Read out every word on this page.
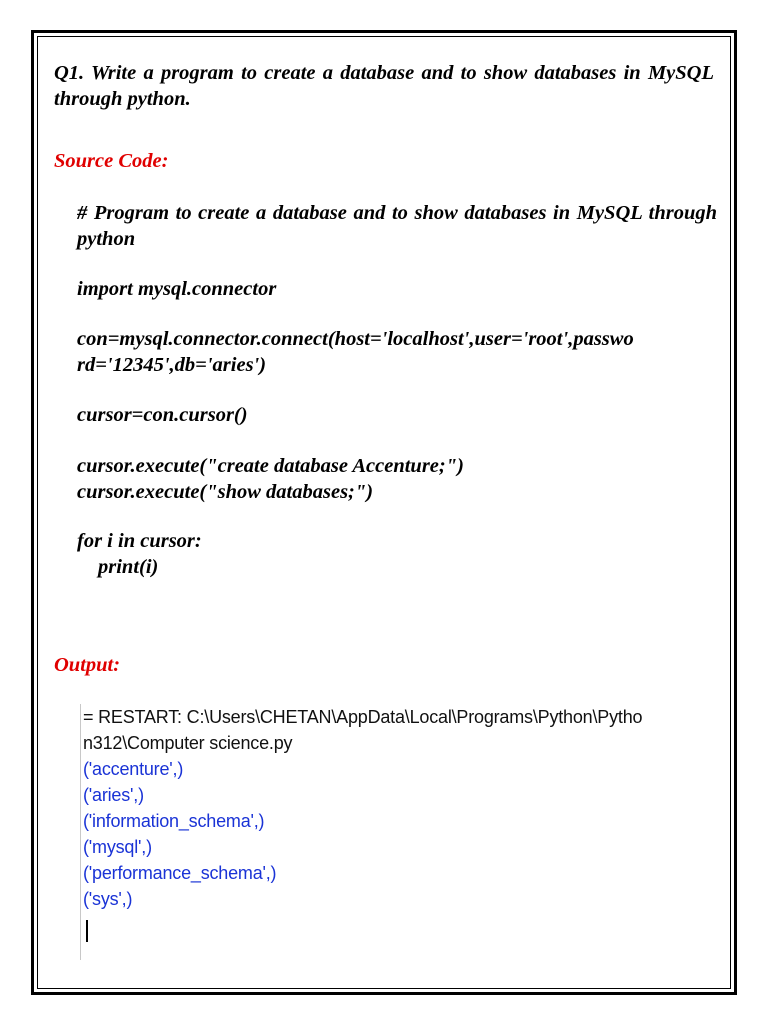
Q1. Write a program to create a database and to show databases in MySQL through python.
Source Code:
# Program to create a database and to show databases in MySQL through python
import mysql.connector
con=mysql.connector.connect(host='localhost',user='root',passwo
rd='12345',db='aries')
cursor=con.cursor()
cursor.execute("create database Accenture;")
cursor.execute("show databases;")
for i in cursor:
print(i)
Output:
= RESTART: C:\Users\CHETAN\AppData\Local\Programs\Python\Pytho
n312\Computer science.py
('accenture',)
('aries',)
('information_schema',)
('mysql',)
('performance_schema',)
('sys',)
